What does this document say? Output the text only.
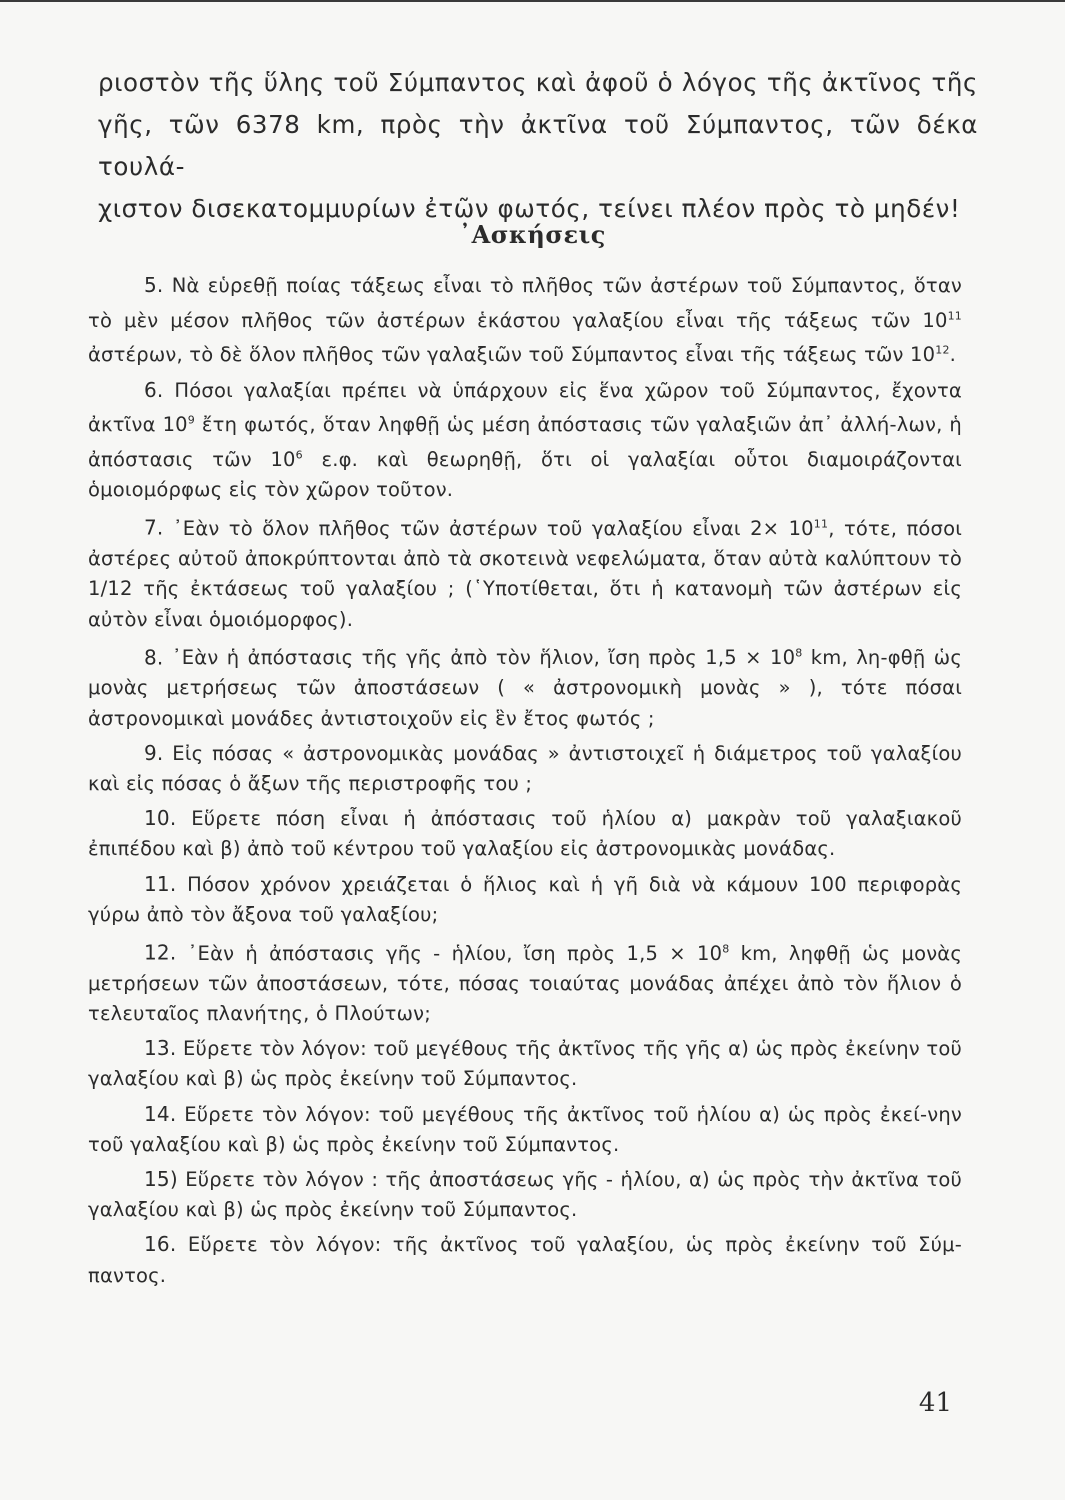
ριοστὸν τῆς ὕλης τοῦ Σύμπαντος καὶ ἀφοῦ ὁ λόγος τῆς ἀκτῖνος τῆς

γῆς, τῶν 6378 km, πρὸς τὴν ἀκτῖνα τοῦ Σύμπαντος, τῶν δέκα τουλά-

χιστον δισεκατομμυρίων ἐτῶν φωτός, τείνει πλέον πρὸς τὸ μηδέν!

᾿Ασκήσεις

5. Νὰ εὑρεθῇ ποίας τάξεως εἶναι τὸ πλῆθος τῶν ἀστέρων τοῦ Σύμπαντος, ὅταν τὸ μὲν μέσον πλῆθος τῶν ἀστέρων ἑκάστου γαλαξίου εἶναι τῆς τάξεως τῶν $10^{11}$ ἀστέρων, τὸ δὲ ὅλον πλῆθος τῶν γαλαξιῶν τοῦ Σύμπαντος εἶναι τῆς τάξεως τῶν $10^{12}$.

6. Πόσοι γαλαξίαι πρέπει νὰ ὑπάρχουν εἰς ἕνα χῶρον τοῦ Σύμπαντος, ἔχοντα ἀκτῖνα $10^9$ ἔτη φωτός, ὅταν ληφθῇ ὡς μέση ἀπόστασις τῶν γαλαξιῶν ἀπ᾿ ἀλλή-λων, ἡ ἀπόστασις τῶν $10^6$ ε.φ. καὶ θεωρηθῇ, ὅτι οἱ γαλαξίαι οὗτοι διαμοιράζονται ὁμοιομόρφως εἰς τὸν χῶρον τοῦτον.

7. ᾿Εὰν τὸ ὅλον πλῆθος τῶν ἀστέρων τοῦ γαλαξίου εἶναι $2\times 10^{11}$, τότε, πόσοι ἀστέρες αὐτοῦ ἀποκρύπτονται ἀπὸ τὰ σκοτεινὰ νεφελώματα, ὅταν αὐτὰ καλύπτουν τὸ 1/12 τῆς ἐκτάσεως τοῦ γαλαξίου ; (῾Υποτίθεται, ὅτι ἡ κατανομὴ τῶν ἀστέρων εἰς αὐτὸν εἶναι ὁμοιόμορφος).

8. ᾿Εὰν ἡ ἀπόστασις τῆς γῆς ἀπὸ τὸν ἥλιον, ἴση πρὸς $1,5 \times 10^8$ km, λη-φθῇ ὡς μονὰς μετρήσεως τῶν ἀποστάσεων ( « ἀστρονομικὴ μονὰς » ), τότε πόσαι ἀστρονομικαὶ μονάδες ἀντιστοιχοῦν εἰς ἓν ἔτος φωτός ;

9. Εἰς πόσας « ἀστρονομικὰς μονάδας » ἀντιστοιχεῖ ἡ διάμετρος τοῦ γαλαξίου καὶ εἰς πόσας ὁ ἄξων τῆς περιστροφῆς του ;

10. Εὕρετε πόση εἶναι ἡ ἀπόστασις τοῦ ἡλίου α) μακρὰν τοῦ γαλαξιακοῦ ἐπιπέδου καὶ β) ἀπὸ τοῦ κέντρου τοῦ γαλαξίου εἰς ἀστρονομικὰς μονάδας.

11. Πόσον χρόνον χρειάζεται ὁ ἥλιος καὶ ἡ γῆ διὰ νὰ κάμουν 100 περιφορὰς γύρω ἀπὸ τὸν ἄξονα τοῦ γαλαξίου;

12. ᾿Εὰν ἡ ἀπόστασις γῆς - ἡλίου, ἴση πρὸς $1,5 \times 10^8$ km, ληφθῇ ὡς μονὰς μετρήσεων τῶν ἀποστάσεων, τότε, πόσας τοιαύτας μονάδας ἀπέχει ἀπὸ τὸν ἥλιον ὁ τελευταῖος πλανήτης, ὁ Πλούτων;

13. Εὕρετε τὸν λόγον: τοῦ μεγέθους τῆς ἀκτῖνος τῆς γῆς α) ὡς πρὸς ἐκείνην τοῦ γαλαξίου καὶ β) ὡς πρὸς ἐκείνην τοῦ Σύμπαντος.

14. Εὕρετε τὸν λόγον: τοῦ μεγέθους τῆς ἀκτῖνος τοῦ ἡλίου α) ὡς πρὸς ἐκεί-νην τοῦ γαλαξίου καὶ β) ὡς πρὸς ἐκείνην τοῦ Σύμπαντος.

15) Εὕρετε τὸν λόγον : τῆς ἀποστάσεως γῆς - ἡλίου, α) ὡς πρὸς τὴν ἀκτῖνα τοῦ γαλαξίου καὶ β) ὡς πρὸς ἐκείνην τοῦ Σύμπαντος.

16. Εὕρετε τὸν λόγον: τῆς ἀκτῖνος τοῦ γαλαξίου, ὡς πρὸς ἐκείνην τοῦ Σύμ-παντος.

41
